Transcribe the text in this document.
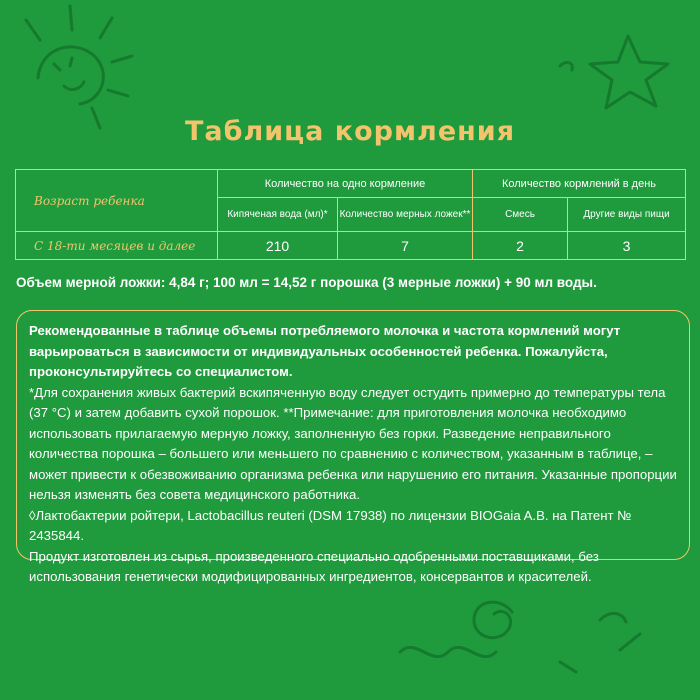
Таблица кормления
Возраст ребенка	Количество на одно кормление		Количество кормлений в день	
	Кипяченая вода (мл)*	Количество мерных ложек**	Смесь	Другие виды пищи
С 18-ти месяцев и далее	210	7	2	3
Объем мерной ложки: 4,84 г; 100 мл = 14,52 г порошка (3 мерные ложки) + 90 мл воды.

Рекомендованные в таблице объемы потребляемого молочка и частота кормлений могут варьироваться в зависимости от индивидуальных особенностей ребенка. Пожалуйста, проконсультируйтесь со специалистом.

*Для сохранения живых бактерий вскипяченную воду следует остудить примерно до температуры тела (37 °C) и затем добавить сухой порошок. **Примечание: для приготовления молочка необходимо использовать прилагаемую мерную ложку, заполненную без горки. Разведение неправильного количества порошка – большего или меньшего по сравнению с количеством, указанным в таблице, – может привести к обезвоживанию организма ребенка или нарушению его питания. Указанные пропорции нельзя изменять без совета медицинского работника.

◊Лактобактерии ройтери, Lactobacillus reuteri (DSM 17938) по лицензии BIOGaia A.B. на Патент № 2435844.

Продукт изготовлен из сырья, произведенного специально одобренными поставщиками, без использования генетически модифицированных ингредиентов, консервантов и красителей.
